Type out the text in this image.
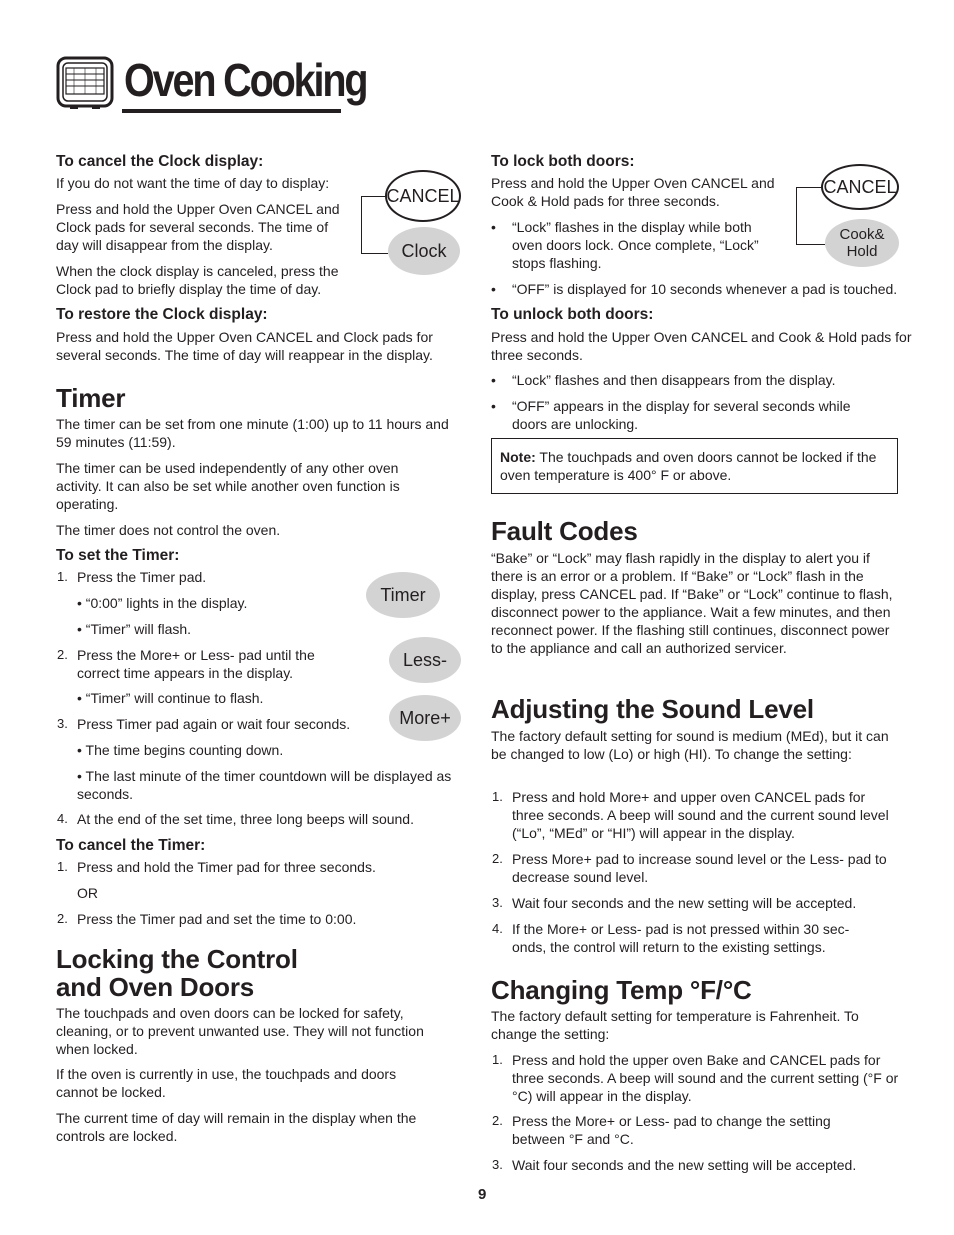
Oven Cooking
To cancel the Clock display:
If you do not want the time of day to display:
Press and hold the Upper Oven CANCEL and Clock pads for several seconds. The time of day will disappear from the display.
When the clock display is canceled, press the Clock pad to briefly display the time of day.
CANCEL
Clock
To restore the Clock display:
Press and hold the Upper Oven CANCEL and Clock pads for several seconds. The time of day will reappear in the display.
Timer
The timer can be set from one minute (1:00) up to 11 hours and 59 minutes (11:59).
The timer can be used independently of any other oven activity. It can also be set while another oven function is operating.
The timer does not control the oven.
To set the Timer:
1. Press the Timer pad.
• “0:00” lights in the display.
• “Timer” will flash.
2. Press the More+ or Less- pad until the correct time appears in the display.
• “Timer” will continue to flash.
3. Press Timer pad again or wait four seconds.
• The time begins counting down.
• The last minute of the timer countdown will be displayed as seconds.
4. At the end of the set time, three long beeps will sound.
Timer
Less-
More+
To cancel the Timer:
1. Press and hold the Timer pad for three seconds.
OR
2. Press the Timer pad and set the time to 0:00.
Locking the Control
and Oven Doors
The touchpads and oven doors can be locked for safety, cleaning, or to prevent unwanted use. They will not function when locked.
If the oven is currently in use, the touchpads and doors cannot be locked.
The current time of day will remain in the display when the controls are locked.
To lock both doors:
Press and hold the Upper Oven CANCEL and Cook & Hold pads for three seconds.
• “Lock” flashes in the display while both oven doors lock. Once complete, “Lock” stops flashing.
• “OFF” is displayed for 10 seconds whenever a pad is touched.
CANCEL
Cook&
Hold
To unlock both doors:
Press and hold the Upper Oven CANCEL and Cook & Hold pads for three seconds.
• “Lock” flashes and then disappears from the display.
• “OFF” appears in the display for several seconds while doors are unlocking.
Note: The touchpads and oven doors cannot be locked if the oven temperature is 400° F or above.
Fault Codes
“Bake” or “Lock” may flash rapidly in the display to alert you if there is an error or a problem. If “Bake” or “Lock” flash in the display, press CANCEL pad. If “Bake” or “Lock” continue to flash, disconnect power to the appliance. Wait a few minutes, and then reconnect power. If the flashing still continues, disconnect power to the appliance and call an authorized servicer.
Adjusting the Sound Level
The factory default setting for sound is medium (MEd), but it can be changed to low (Lo) or high (HI). To change the setting:
1. Press and hold More+ and upper oven CANCEL pads for three seconds. A beep will sound and the current sound level (“Lo”, “MEd” or “HI”) will appear in the display.
2. Press More+ pad to increase sound level or the Less- pad to decrease sound level.
3. Wait four seconds and the new setting will be accepted.
4. If the More+ or Less- pad is not pressed within 30 sec- onds, the control will return to the existing settings.
Changing Temp °F/°C
The factory default setting for temperature is Fahrenheit. To change the setting:
1. Press and hold the upper oven Bake and CANCEL pads for three seconds. A beep will sound and the current setting (°F or °C) will appear in the display.
2. Press the More+ or Less- pad to change the setting between °F and °C.
3. Wait four seconds and the new setting will be accepted.
9
